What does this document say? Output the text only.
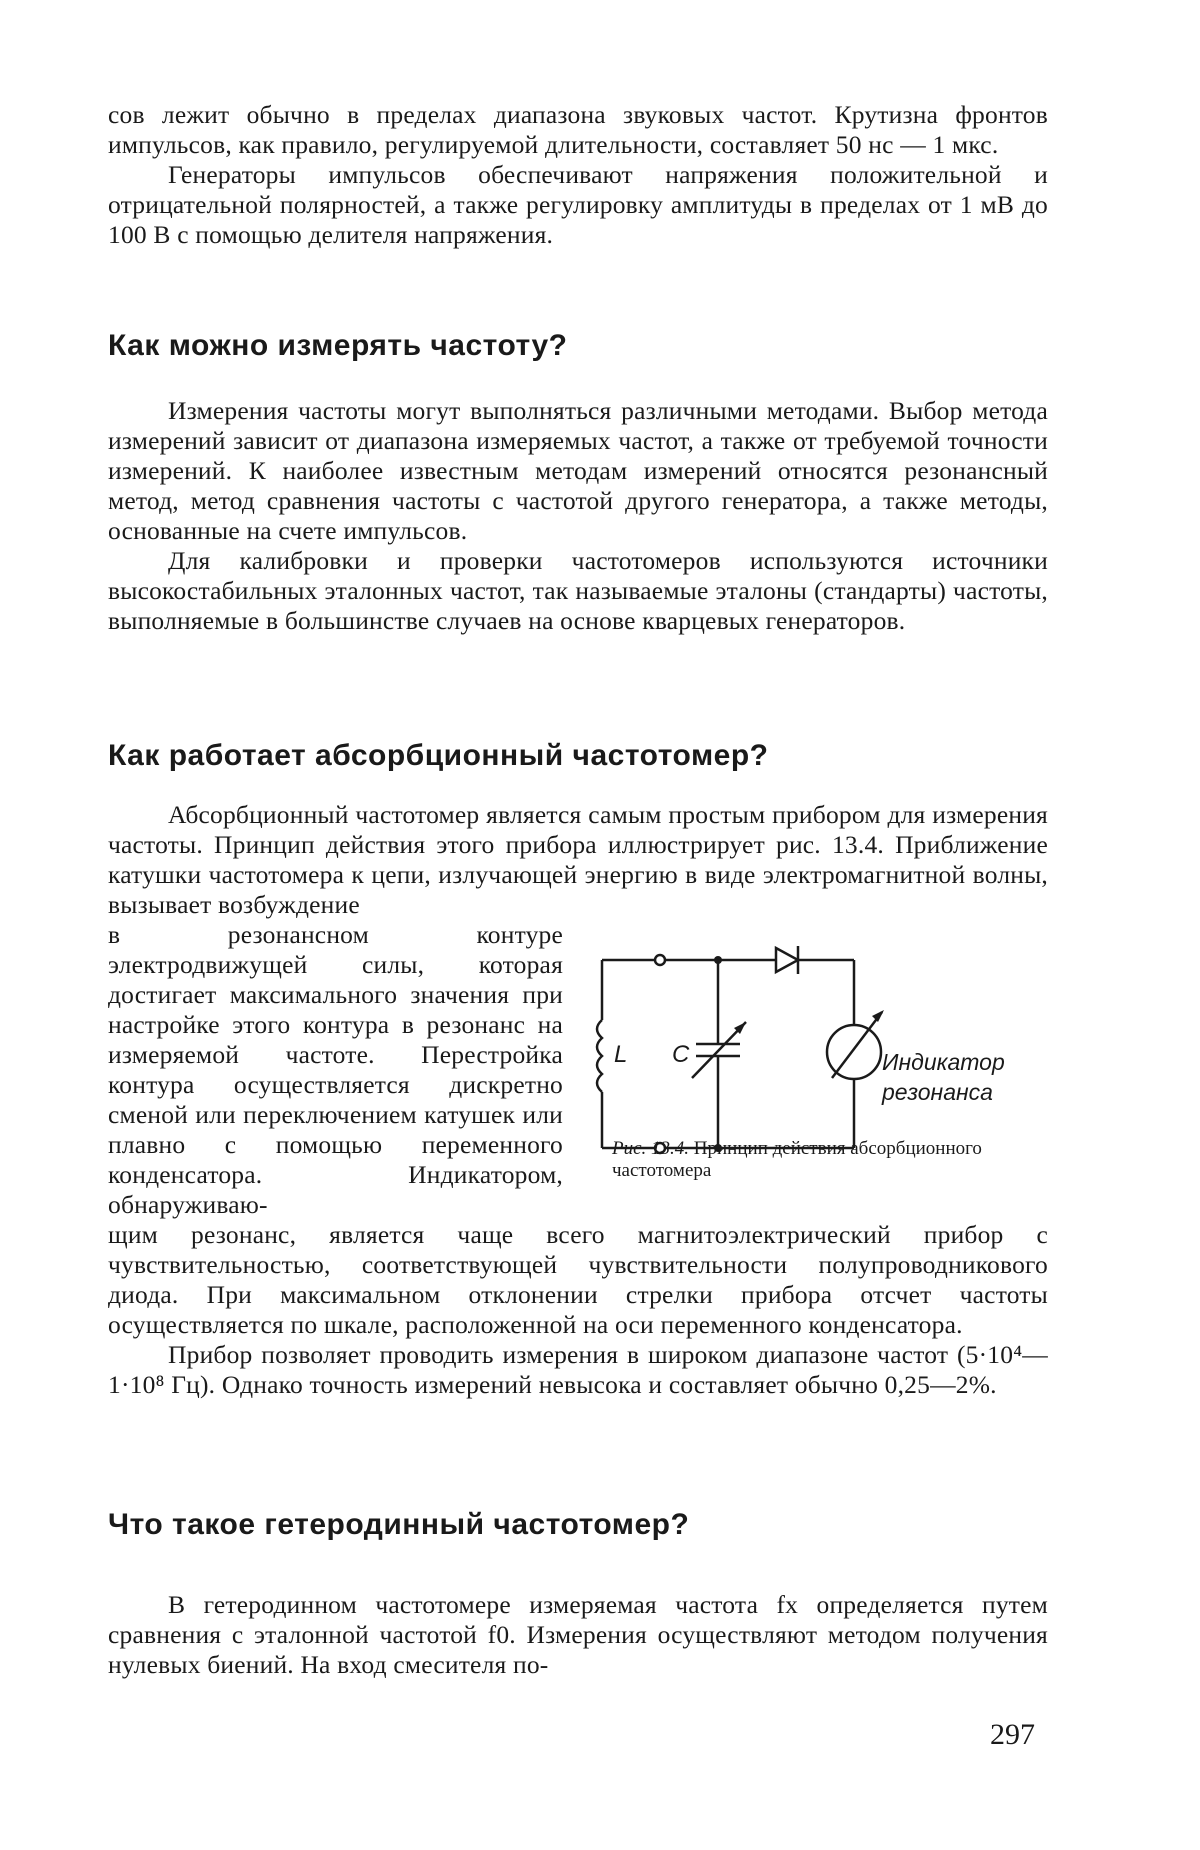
сов лежит обычно в пределах диапазона звуковых частот. Крутизна фронтов импульсов, как правило, регулируемой длительности, составляет 50 нс — 1 мкс.

Генераторы импульсов обеспечивают напряжения положительной и отрицательной полярностей, а также регулировку амплитуды в пределах от 1 мВ до 100 В с помощью делителя напряжения.

Как можно измерять частоту?

Измерения частоты могут выполняться различными методами. Выбор метода измерений зависит от диапазона измеряемых частот, а также от требуемой точности измерений. К наиболее известным методам измерений относятся резонансный метод, метод сравнения частоты с частотой другого генератора, а также методы, основанные на счете импульсов.

Для калибровки и проверки частотомеров используются источники высокостабильных эталонных частот, так называемые эталоны (стандарты) частоты, выполняемые в большинстве случаев на основе кварцевых генераторов.

Как работает абсорбционный частотомер?

Абсорбционный частотомер является самым простым прибором для измерения частоты. Принцип действия этого прибора иллюстрирует рис. 13.4. Приближение катушки частотомера к цепи, излучающей энергию в виде электромагнитной волны, вызывает возбуждение

в резонансном контуре электродвижущей силы, которая достигает максимального значения при настройке этого контура в резонанс на измеряемой частоте. Перестройка контура осуществляется дискретно сменой или переключением катушек или плавно с помощью переменного конденсатора. Индикатором, обнаруживаю-

L C	Индикатор
резонанса
Рис. 13.4. Принцип действия абсорбционного частотомера

щим резонанс, является чаще всего магнитоэлектрический прибор с чувствительностью, соответствующей чувствительности полупроводникового диода. При максимальном отклонении стрелки прибора отсчет частоты осуществляется по шкале, расположенной на оси переменного конденсатора.

Прибор позволяет проводить измерения в широком диапазоне частот (5·10⁴—1·10⁸ Гц). Однако точность измерений невысока и составляет обычно 0,25—2%.

Что такое гетеродинный частотомер?

В гетеродинном частотомере измеряемая частота fx определяется путем сравнения с эталонной частотой f0. Измерения осуществляют методом получения нулевых биений. На вход смесителя по-

297
